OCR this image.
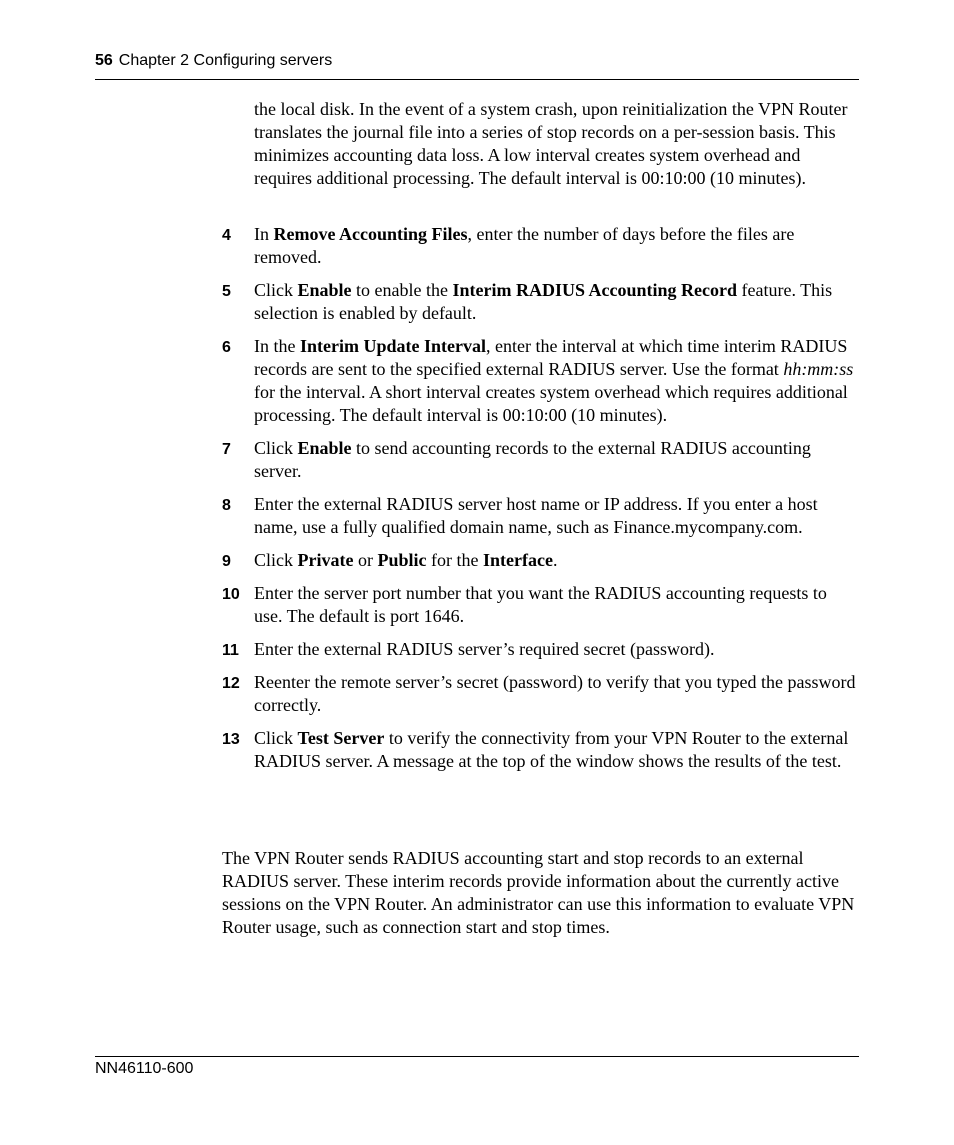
56 Chapter 2 Configuring servers

the local disk. In the event of a system crash, upon reinitialization the VPN Router translates the journal file into a series of stop records on a per-session basis. This minimizes accounting data loss. A low interval creates system overhead and requires additional processing. The default interval is 00:10:00 (10 minutes).

4 In Remove Accounting Files, enter the number of days before the files are removed.
5 Click Enable to enable the Interim RADIUS Accounting Record feature. This selection is enabled by default.
6 In the Interim Update Interval, enter the interval at which time interim RADIUS records are sent to the specified external RADIUS server. Use the format hh:mm:ss for the interval. A short interval creates system overhead which requires additional processing. The default interval is 00:10:00 (10 minutes).
7 Click Enable to send accounting records to the external RADIUS accounting server.
8 Enter the external RADIUS server host name or IP address. If you enter a host name, use a fully qualified domain name, such as Finance.mycompany.com.
9 Click Private or Public for the Interface.
10 Enter the server port number that you want the RADIUS accounting requests to use. The default is port 1646.
11 Enter the external RADIUS server’s required secret (password).
12 Reenter the remote server’s secret (password) to verify that you typed the password correctly.
13 Click Test Server to verify the connectivity from your VPN Router to the external RADIUS server. A message at the top of the window shows the results of the test.

The VPN Router sends RADIUS accounting start and stop records to an external RADIUS server. These interim records provide information about the currently active sessions on the VPN Router. An administrator can use this information to evaluate VPN Router usage, such as connection start and stop times.

NN46110-600
